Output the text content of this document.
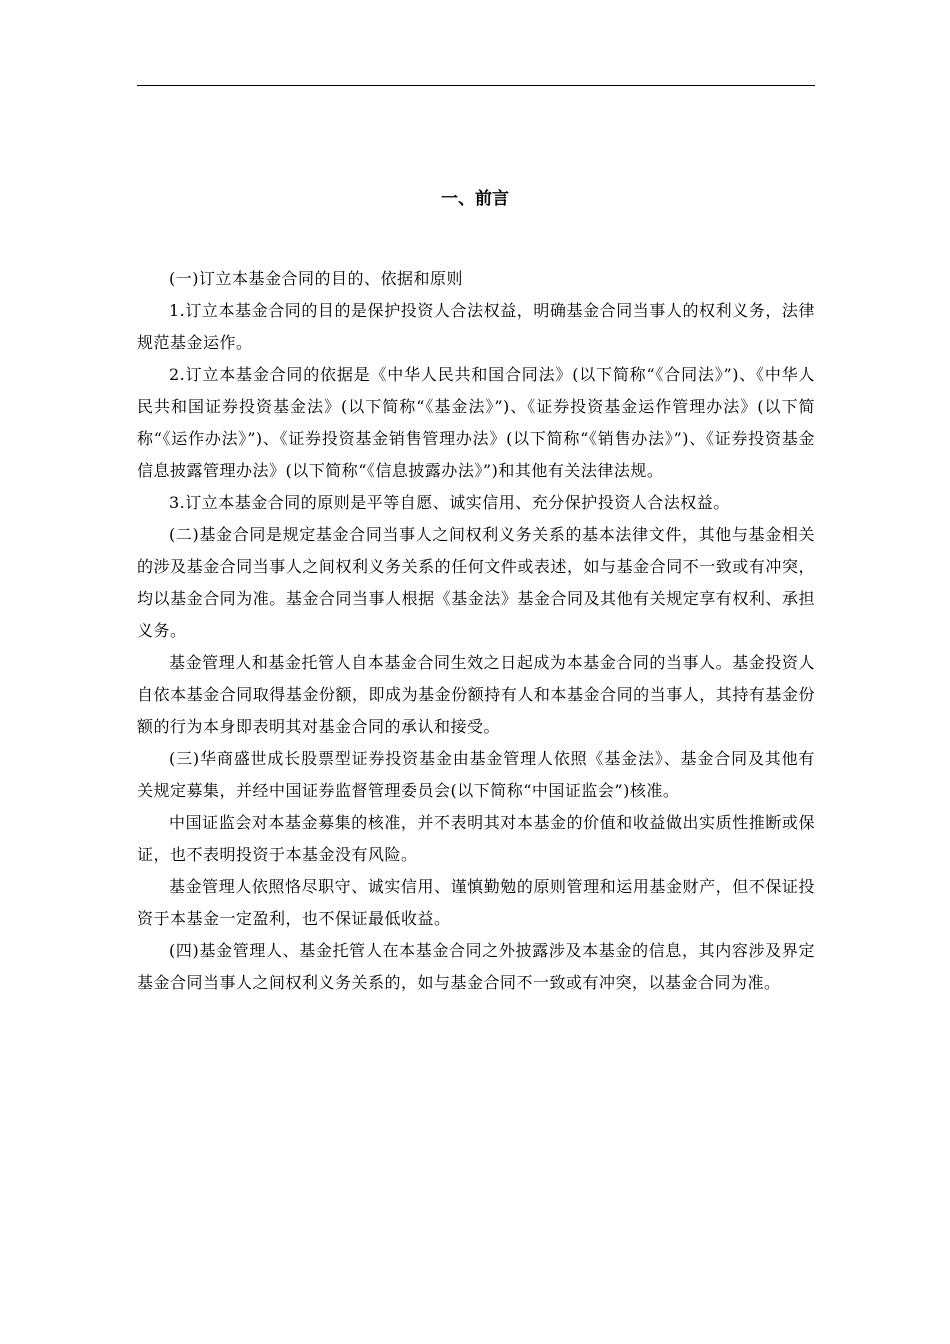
一、前言

(一)订立本基金合同的目的、依据和原则

1.订立本基金合同的目的是保护投资人合法权益，明确基金合同当事人的权利义务，法律规范基金运作。

2.订立本基金合同的依据是《中华人民共和国合同法》(以下简称“《合同法》”)、《中华人民共和国证券投资基金法》(以下简称“《基金法》”)、《证券投资基金运作管理办法》(以下简称“《运作办法》”)、《证券投资基金销售管理办法》(以下简称“《销售办法》”)、《证券投资基金信息披露管理办法》(以下简称“《信息披露办法》”)和其他有关法律法规。

3.订立本基金合同的原则是平等自愿、诚实信用、充分保护投资人合法权益。

(二)基金合同是规定基金合同当事人之间权利义务关系的基本法律文件，其他与基金相关的涉及基金合同当事人之间权利义务关系的任何文件或表述，如与基金合同不一致或有冲突，均以基金合同为准。基金合同当事人根据《基金法》基金合同及其他有关规定享有权利、承担义务。

基金管理人和基金托管人自本基金合同生效之日起成为本基金合同的当事人。基金投资人自依本基金合同取得基金份额，即成为基金份额持有人和本基金合同的当事人，其持有基金份额的行为本身即表明其对基金合同的承认和接受。

(三)华商盛世成长股票型证券投资基金由基金管理人依照《基金法》、基金合同及其他有关规定募集，并经中国证券监督管理委员会(以下简称“中国证监会”)核准。

中国证监会对本基金募集的核准，并不表明其对本基金的价值和收益做出实质性推断或保证，也不表明投资于本基金没有风险。

基金管理人依照恪尽职守、诚实信用、谨慎勤勉的原则管理和运用基金财产，但不保证投资于本基金一定盈利，也不保证最低收益。

(四)基金管理人、基金托管人在本基金合同之外披露涉及本基金的信息，其内容涉及界定基金合同当事人之间权利义务关系的，如与基金合同不一致或有冲突，以基金合同为准。
